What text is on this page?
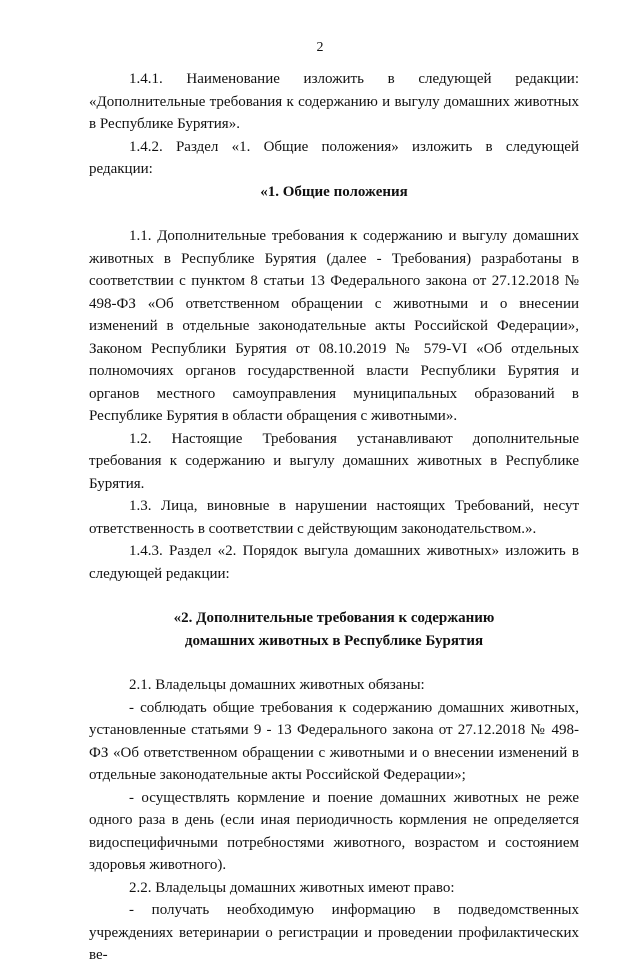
2

1.4.1. Наименование изложить в следующей редакции: «Дополнительные требования к содержанию и выгулу домашних животных в Республике Бурятия».

1.4.2. Раздел «1. Общие положения» изложить в следующей редакции:

«1. Общие положения

1.1. Дополнительные требования к содержанию и выгулу домашних животных в Республике Бурятия (далее - Требования) разработаны в соответствии с пунктом 8 статьи 13 Федерального закона от 27.12.2018 № 498-ФЗ «Об ответственном обращении с животными и о внесении изменений в отдельные законодательные акты Российской Федерации», Законом Республики Бурятия от 08.10.2019 № 579-VI «Об отдельных полномочиях органов государственной власти Республики Бурятия и органов местного самоуправления муниципальных образований в Республике Бурятия в области обращения с животными».

1.2. Настоящие Требования устанавливают дополнительные требования к содержанию и выгулу домашних животных в Республике Бурятия.

1.3. Лица, виновные в нарушении настоящих Требований, несут ответственность в соответствии с действующим законодательством.».

1.4.3. Раздел «2. Порядок выгула домашних животных» изложить в следующей редакции:

«2. Дополнительные требования к содержанию
домашних животных в Республике Бурятия

2.1. Владельцы домашних животных обязаны:

- соблюдать общие требования к содержанию домашних животных, установленные статьями 9 - 13 Федерального закона от 27.12.2018 № 498-ФЗ «Об ответственном обращении с животными и о внесении изменений в отдельные законодательные акты Российской Федерации»;

- осуществлять кормление и поение домашних животных не реже одного раза в день (если иная периодичность кормления не определяется видоспецифичными потребностями животного, возрастом и состоянием здоровья животного).

2.2. Владельцы домашних животных имеют право:

- получать необходимую информацию в подведомственных учреждениях ветеринарии о регистрации и проведении профилактических ве-
